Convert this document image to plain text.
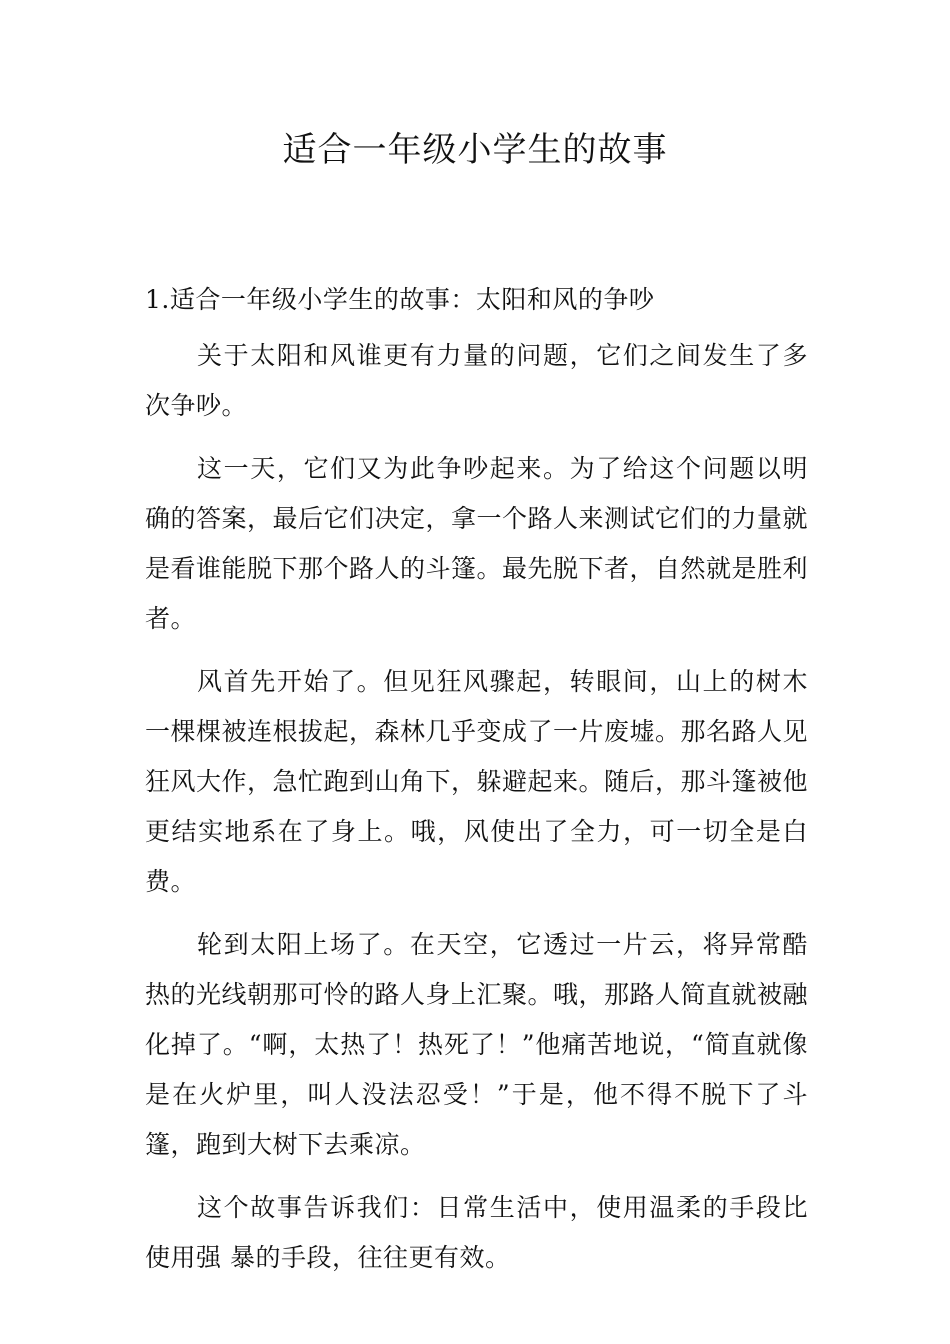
适合一年级小学生的故事
1.适合一年级小学生的故事：太阳和风的争吵

关于太阳和风谁更有力量的问题，它们之间发生了多次争吵。

这一天，它们又为此争吵起来。为了给这个问题以明确的答案，最后它们决定，拿一个路人来测试它们的力量就是看谁能脱下那个路人的斗篷。最先脱下者，自然就是胜利者。

风首先开始了。但见狂风骤起，转眼间，山上的树木一棵棵被连根拔起，森林几乎变成了一片废墟。那名路人见狂风大作，急忙跑到山角下，躲避起来。随后，那斗篷被他更结实地系在了身上。哦，风使出了全力，可一切全是白费。

轮到太阳上场了。在天空，它透过一片云，将异常酷热的光线朝那可怜的路人身上汇聚。哦，那路人简直就被融化掉了。“啊，太热了！热死了！”他痛苦地说，“简直就像是在火炉里，叫人没法忍受！”于是，他不得不脱下了斗篷，跑到大树下去乘凉。

这个故事告诉我们：日常生活中，使用温柔的手段比使用强 暴的手段，往往更有效。
